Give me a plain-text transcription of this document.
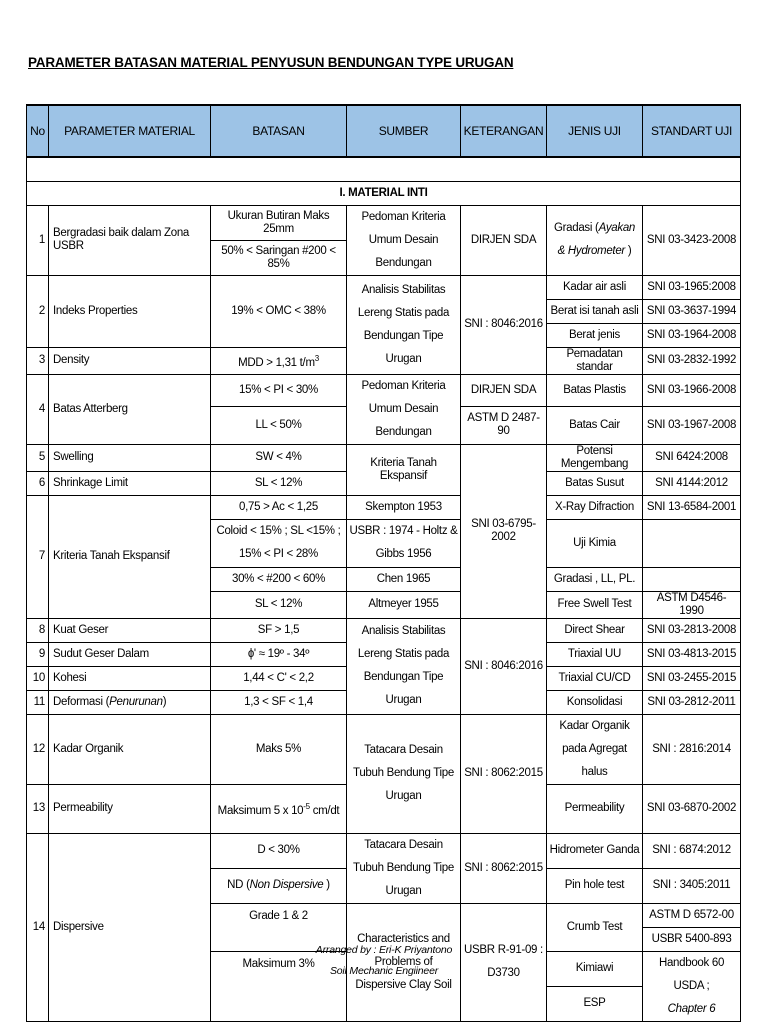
PARAMETER BATASAN MATERIAL PENYUSUN BENDUNGAN TYPE URUGAN
No	PARAMETER MATERIAL	BATASAN	SUMBER	KETERANGAN	JENIS UJI	STANDART UJI

I. MATERIAL INTI						
1	Bergradasi baik dalam Zona USBR	Ukuran Butiran Maks 25mm	Pedoman Kriteria Umum Desain Bendungan	DIRJEN SDA	Gradasi (Ayakan & Hydrometer )	SNI 03-3423-2008
		50% < Saringan #200 < 85%				
2	Indeks Properties	19% < OMC < 38%	Analisis Stabilitas Lereng Statis pada Bendungan Tipe Urugan	SNI : 8046:2016	Kadar air asli	SNI 03-1965:2008
					Berat isi tanah asli	SNI 03-3637-1994
					Berat jenis	SNI 03-1964-2008
3	Density	MDD > 1,31 $t/m^3$			Pemadatan standar	SNI 03-2832-1992
4	Batas Atterberg	15% < PI < 30%	Pedoman Kriteria Umum Desain Bendungan	DIRJEN SDA	Batas Plastis	SNI 03-1966-2008
		LL < 50%		ASTM D 2487-90	Batas Cair	SNI 03-1967-2008
5	Swelling	SW < 4%	Kriteria Tanah Ekspansif	SNI 03-6795-2002	Potensi Mengembang	SNI 6424:2008
6	Shrinkage Limit	SL < 12%			Batas Susut	SNI 4144:2012
7	Kriteria Tanah Ekspansif	0,75 > Ac < 1,25	Skempton 1953		X-Ray Difraction	SNI 13-6584-2001
		Coloid < 15% ; SL <15% ; 15% < PI < 28%	USBR : 1974 - Holtz & Gibbs 1956		Uji Kimia	

		30% < #200 < 60%	Chen 1965		Gradasi , LL, PL.	
		SL < 12%	Altmeyer 1955		Free Swell Test	ASTM D4546-1990
8	Kuat Geser	SF > 1,5	Analisis Stabilitas Lereng Statis pada Bendungan Tipe Urugan	SNI : 8046:2016	Direct Shear	SNI 03-2813-2008
9	Sudut Geser Dalam	ɸ' ≈ 19º - 34º			Triaxial UU	SNI 03-4813-2015
10	Kohesi	1,44 < C' < 2,2			Triaxial CU/CD	SNI 03-2455-2015
11	Deformasi (Penurunan)	1,3 < SF < 1,4			Konsolidasi	SNI 03-2812-2011
12	Kadar Organik	Maks 5%	Tatacara Desain Tubuh Bendung Tipe Urugan	SNI : 8062:2015	Kadar Organik pada Agregat halus	SNI : 2816:2014
13	Permeability	Maksimum 5 x $10^{-5}$ cm/dt			Permeability	SNI 03-6870-2002
14	Dispersive	D < 30%	Tatacara Desain Tubuh Bendung Tipe Urugan	SNI : 8062:2015	Hidrometer Ganda	SNI : 6874:2012
		ND (Non Dispersive )			Pin hole test	SNI : 3405:2011
		Grade 1 & 2	Characteristics and Problems of Dispersive Clay Soil	USBR R-91-09 : D3730	Crumb Test	ASTM D 6572-00
						USBR 5400-893
		Maksimum 3%			Kimiawi	Handbook 60 USDA ;
Chapter 6
					ESP	
Arranged by : Eri-K Priyantono
Soil Mechanic Engiineer
